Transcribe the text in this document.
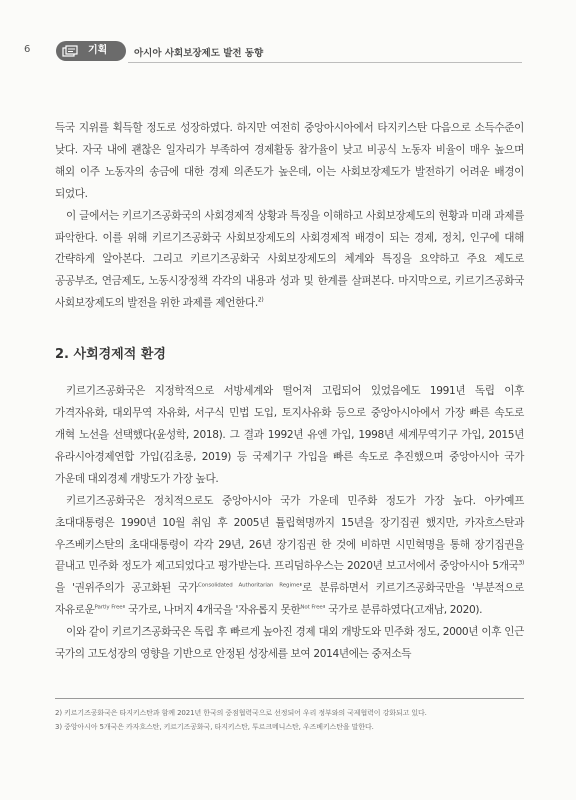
6	기획	아시아 사회보장제도 발전 동향

득국 지위를 획득할 정도로 성장하였다. 하지만 여전히 중앙아시아에서 타지키스탄 다음으로 소득수준이 낮다. 자국 내에 괜찮은 일자리가 부족하여 경제활동 참가율이 낮고 비공식 노동자 비율이 매우 높으며 해외 이주 노동자의 송금에 대한 경제 의존도가 높은데, 이는 사회보장제도가 발전하기 어려운 배경이 되었다.

이 글에서는 키르기즈공화국의 사회경제적 상황과 특징을 이해하고 사회보장제도의 현황과 미래 과제를 파악한다. 이를 위해 키르기즈공화국 사회보장제도의 사회경제적 배경이 되는 경제, 정치, 인구에 대해 간략하게 알아본다. 그리고 키르기즈공화국 사회보장제도의 체계와 특징을 요약하고 주요 제도로 공공부조, 연금제도, 노동시장정책 각각의 내용과 성과 및 한계를 살펴본다. 마지막으로, 키르기즈공화국 사회보장제도의 발전을 위한 과제를 제언한다.$^{2)}$

2. 사회경제적 환경

키르기즈공화국은 지정학적으로 서방세계와 떨어져 고립되어 있었음에도 1991년 독립 이후 가격자유화, 대외무역 자유화, 서구식 민법 도입, 토지사유화 등으로 중앙아시아에서 가장 빠른 속도로 개혁 노선을 선택했다(윤성학, 2018). 그 결과 1992년 유엔 가입, 1998년 세계무역기구 가입, 2015년 유라시아경제연합 가입(김초롱, 2019) 등 국제기구 가입을 빠른 속도로 추진했으며 중앙아시아 국가 가운데 대외경제 개방도가 가장 높다.

키르기즈공화국은 정치적으로도 중앙아시아 국가 가운데 민주화 정도가 가장 높다. 아카예프 초대대통령은 1990년 10월 취임 후 2005년 튤립혁명까지 15년을 장기집권 했지만, 카자흐스탄과 우즈베키스탄의 초대대통령이 각각 29년, 26년 장기집권 한 것에 비하면 시민혁명을 통해 장기집권을 끝내고 민주화 정도가 제고되었다고 평가받는다. 프리덤하우스는 2020년 보고서에서 중앙아시아 5개국$^{3)}$을 '권위주의가 공고화된 국가$^{Consolidated Authoritarian Regime}$'로 분류하면서 키르기즈공화국만을 '부분적으로 자유로운$^{Partly Free}$' 국가로, 나머지 4개국을 '자유롭지 못한$^{Not Free}$' 국가로 분류하였다(고재남, 2020).

이와 같이 키르기즈공화국은 독립 후 빠르게 높아진 경제 대외 개방도와 민주화 정도, 2000년 이후 인근 국가의 고도성장의 영향을 기반으로 안정된 성장세를 보여 2014년에는 중저소득

2) 키르기즈공화국은 타지키스탄과 함께 2021년 한국의 중점협력국으로 선정되어 우리 정부와의 국제협력이 강화되고 있다.
3) 중앙아시아 5개국은 카자흐스탄, 키르기즈공화국, 타지키스탄, 투르크메니스탄, 우즈베키스탄을 말한다.
